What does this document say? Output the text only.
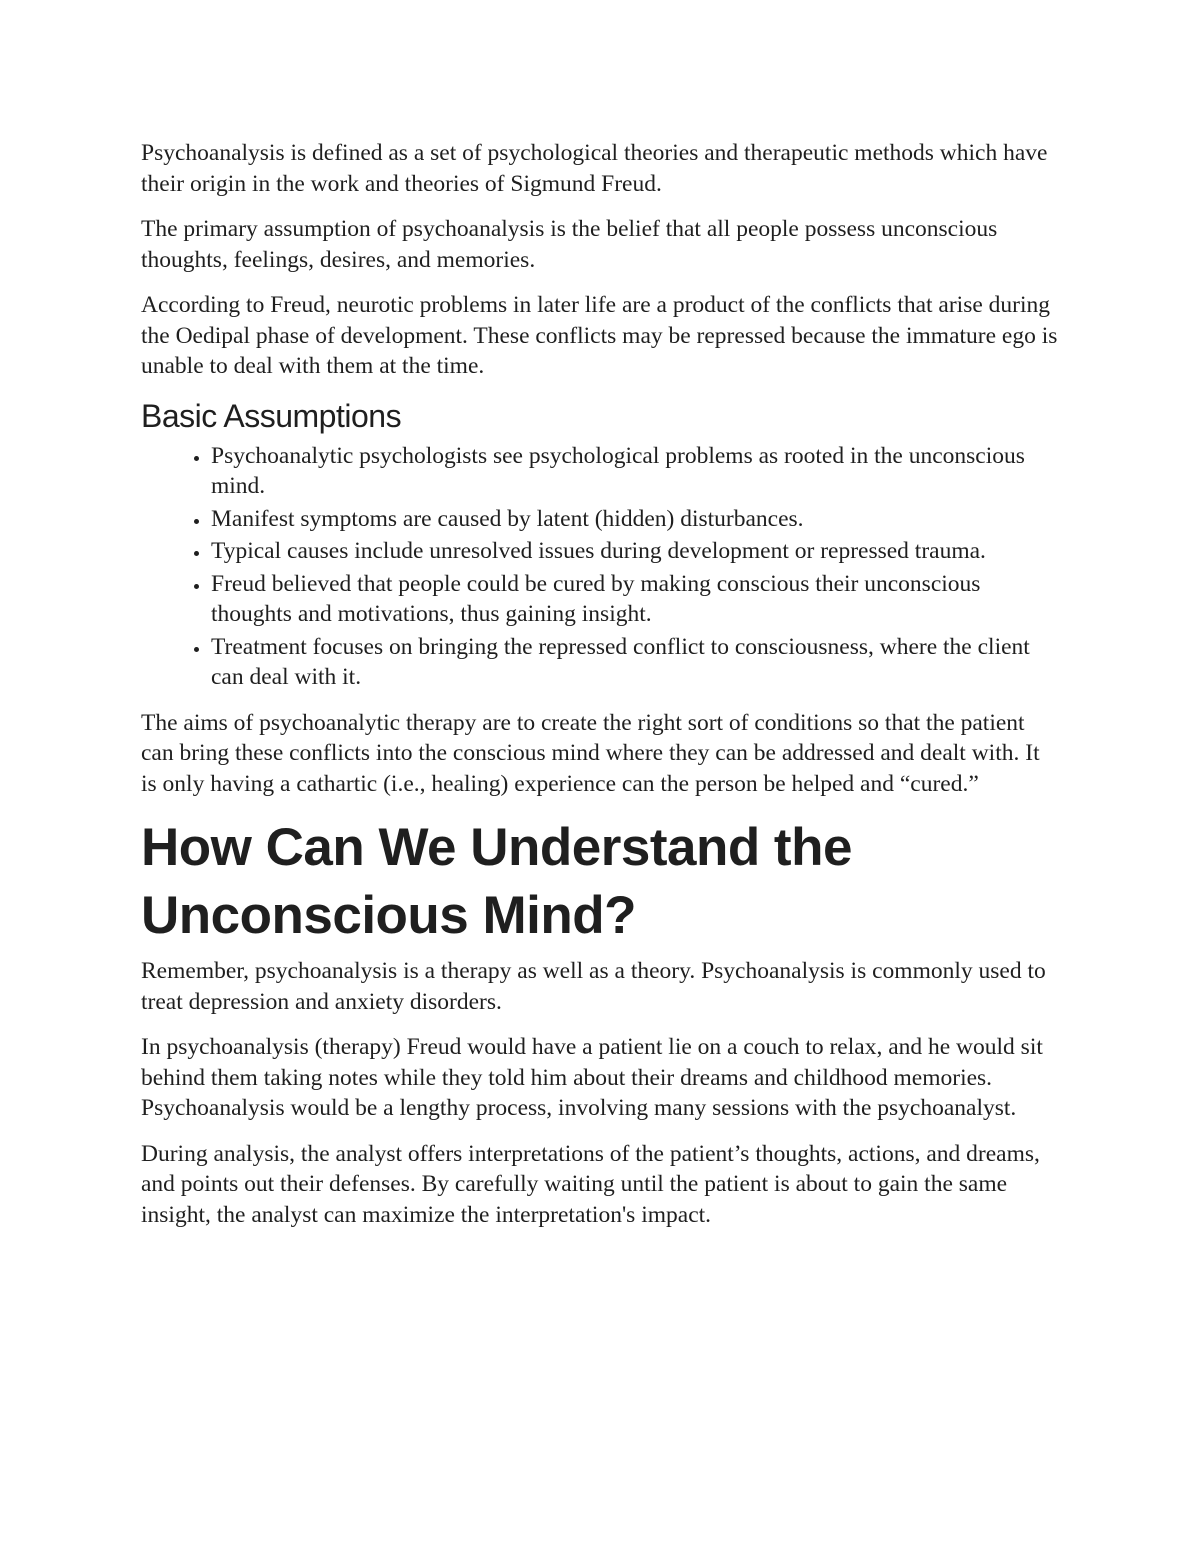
Psychoanalysis is defined as a set of psychological theories and therapeutic methods which have their origin in the work and theories of Sigmund Freud.

The primary assumption of psychoanalysis is the belief that all people possess unconscious thoughts, feelings, desires, and memories.

According to Freud, neurotic problems in later life are a product of the conflicts that arise during the Oedipal phase of development. These conflicts may be repressed because the immature ego is unable to deal with them at the time.

Basic Assumptions
• Psychoanalytic psychologists see psychological problems as rooted in the unconscious mind.
• Manifest symptoms are caused by latent (hidden) disturbances.
• Typical causes include unresolved issues during development or repressed trauma.
• Freud believed that people could be cured by making conscious their unconscious thoughts and motivations, thus gaining insight.
• Treatment focuses on bringing the repressed conflict to consciousness, where the client can deal with it.

The aims of psychoanalytic therapy are to create the right sort of conditions so that the patient can bring these conflicts into the conscious mind where they can be addressed and dealt with. It is only having a cathartic (i.e., healing) experience can the person be helped and “cured.”

How Can We Understand the Unconscious Mind?

Remember, psychoanalysis is a therapy as well as a theory. Psychoanalysis is commonly used to treat depression and anxiety disorders.

In psychoanalysis (therapy) Freud would have a patient lie on a couch to relax, and he would sit behind them taking notes while they told him about their dreams and childhood memories. Psychoanalysis would be a lengthy process, involving many sessions with the psychoanalyst.

During analysis, the analyst offers interpretations of the patient’s thoughts, actions, and dreams, and points out their defenses. By carefully waiting until the patient is about to gain the same insight, the analyst can maximize the interpretation's impact.
